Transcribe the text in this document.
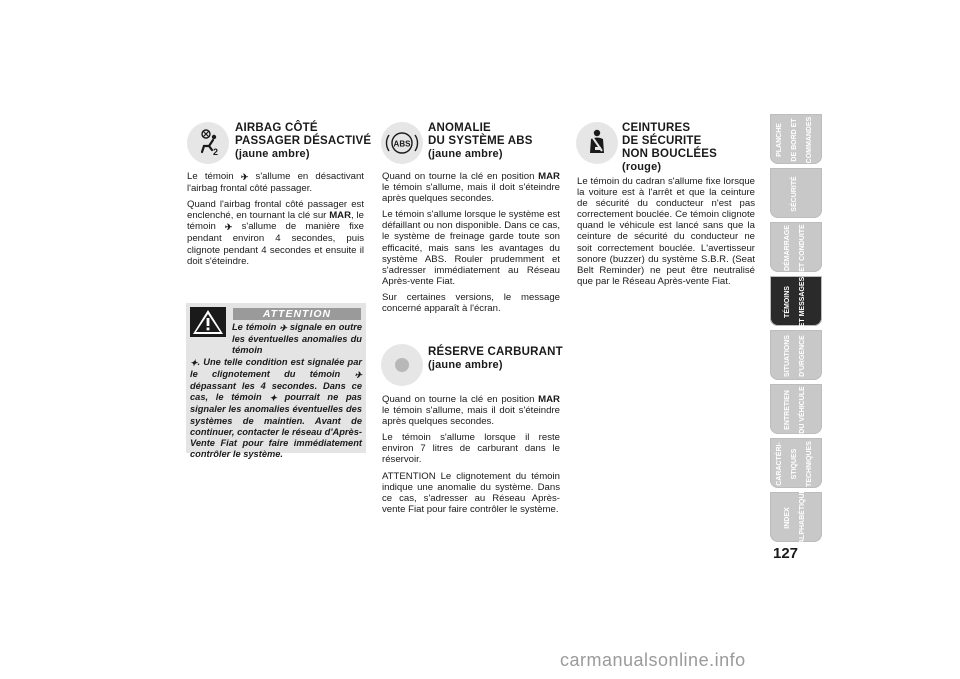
2
AIRBAG CÔTÉ
PASSAGER DÉSACTIVÉ
(jaune ambre)

Le témoin ✈ s'allume en désactivant l'airbag frontal côté passager.

Quand l'airbag frontal côté passager est enclenché, en tournant la clé sur MAR, le témoin ✈ s'allume de manière fixe pendant environ 4 secondes, puis clignote pendant 4 secondes et ensuite il doit s'éteindre.

ATTENTION
Le témoin ✈ signale en outre les éventuelles anomalies du témoin
✦. Une telle condition est signalée par le clignotement du témoin ✈ dépassant les 4 secondes. Dans ce cas, le témoin ✦ pourrait ne pas signaler les anomalies éventuelles des systèmes de maintien. Avant de continuer, contacter le réseau d'Après-Vente Fiat pour faire immédiatement contrôler le système.
ABS
ANOMALIE
DU SYSTÈME ABS
(jaune ambre)

Quand on tourne la clé en position MAR le témoin s'allume, mais il doit s'éteindre après quelques secondes.

Le témoin s'allume lorsque le système est défaillant ou non disponible. Dans ce cas, le système de freinage garde toute son efficacité, mais sans les avantages du système ABS. Rouler prudemment et s'adresser immédiatement au Réseau Après-vente Fiat.

Sur certaines versions, le message concerné apparaît à l'écran.

RÉSERVE CARBURANT
(jaune ambre)

Quand on tourne la clé en position MAR le témoin s'allume, mais il doit s'éteindre après quelques secondes.

Le témoin s'allume lorsque il reste environ 7 litres de carburant dans le réservoir.

ATTENTION Le clignotement du témoin indique une anomalie du système. Dans ce cas, s'adresser au Réseau Après-vente Fiat pour faire contrôler le système.

CEINTURES
DE SÉCURITE
NON BOUCLÉES
(rouge)

Le témoin du cadran s'allume fixe lorsque la voiture est à l'arrêt et que la ceinture de sécurité du conducteur n'est pas correctement bouclée. Ce témoin clignote quand le véhicule est lancé sans que la ceinture de sécurité du conducteur ne soit correctement bouclée. L'avertisseur sonore (buzzer) du système S.B.R. (Seat Belt Reminder) ne peut être neutralisé que par le Réseau Après-vente Fiat.

PLANCHE DE BORD ET COMMANDES
SÉCURITÉ
DÉMARRAGE ET CONDUITE
TÉMOINS ET MESSAGES
SITUATIONS D'URGENCE
ENTRETIEN DU VÉHICULE
CARACTÉRI- STIQUES TECHNIQUES
INDEX ALPHABÉTIQUE
127
carmanualsonline.info
